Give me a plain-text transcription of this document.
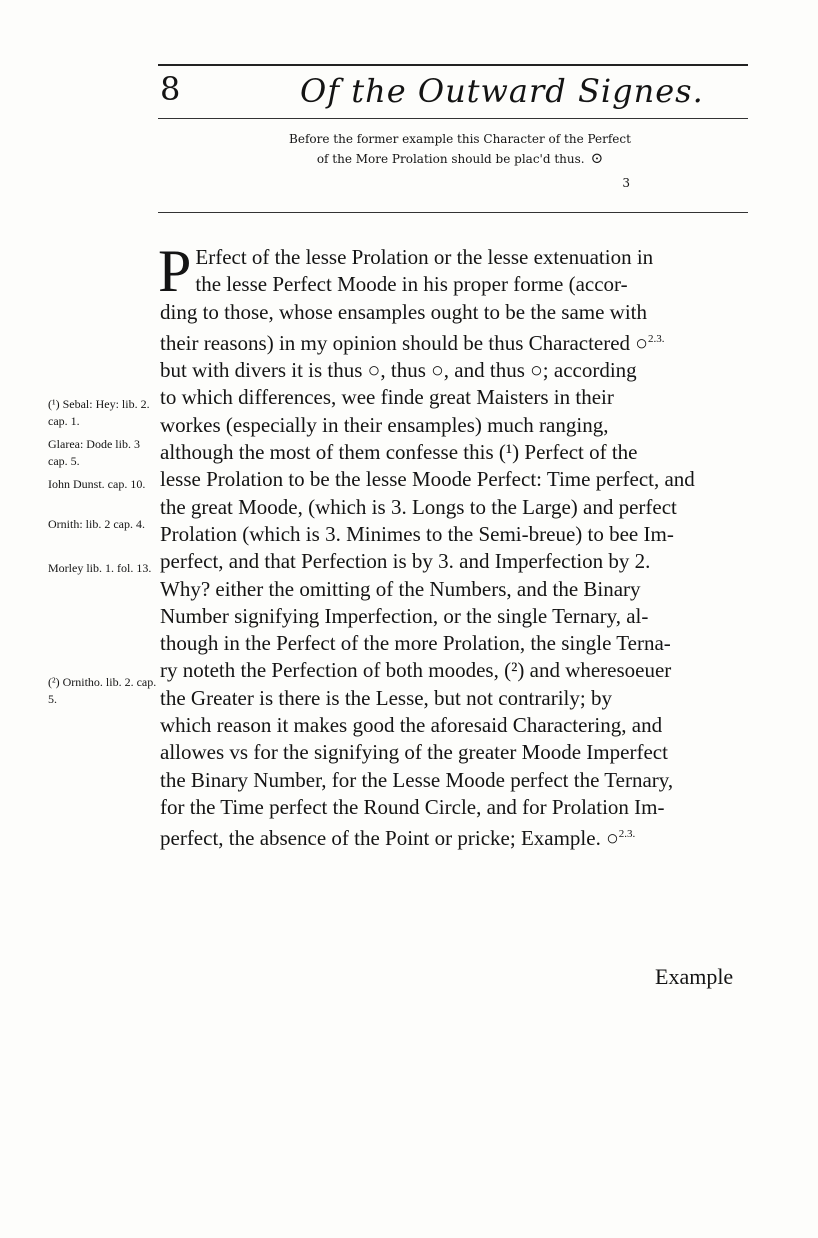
8	Of the Outward Signes.
Before the former example this Character of the Perfect
of the More Prolation should be plac'd thus. ⊙
3
P Erfect of the lesse Prolation or the lesse extenuation in

the lesse Perfect Moode in his proper forme (accor-

ding to those, whose ensamples ought to be the same with

their reasons) in my opinion should be thus Charactered ○$^{2.3.}$

but with divers it is thus ○, thus ○, and thus ○; according

to which differences, wee finde great Maisters in their

workes (especially in their ensamples) much ranging,

although the most of them confesse this (¹) Perfect of the

lesse Prolation to be the lesse Moode Perfect: Time perfect, and

the great Moode, (which is 3. Longs to the Large) and perfect

Prolation (which is 3. Minimes to the Semi-breue) to bee Im-

perfect, and that Perfection is by 3. and Imperfection by 2.

Why? either the omitting of the Numbers, and the Binary

Number signifying Imperfection, or the single Ternary, al-

though in the Perfect of the more Prolation, the single Terna-

ry noteth the Perfection of both moodes, (²) and wheresoeuer

the Greater is there is the Lesse, but not contrarily; by

which reason it makes good the aforesaid Charactering, and

allowes vs for the signifying of the greater Moode Imperfect

the Binary Number, for the Lesse Moode perfect the Ternary,

for the Time perfect the Round Circle, and for Prolation Im-

perfect, the absence of the Point or pricke; Example. ○$^{2.3.}$

(¹) Sebal: Hey: lib. 2. cap. 1.
Glarea: Dode lib. 3 cap. 5.
Iohn Dunst. cap. 10.
Ornith: lib. 2 cap. 4.
Morley lib. 1. fol. 13.
(²) Ornitho. lib. 2. cap. 5.
Example
